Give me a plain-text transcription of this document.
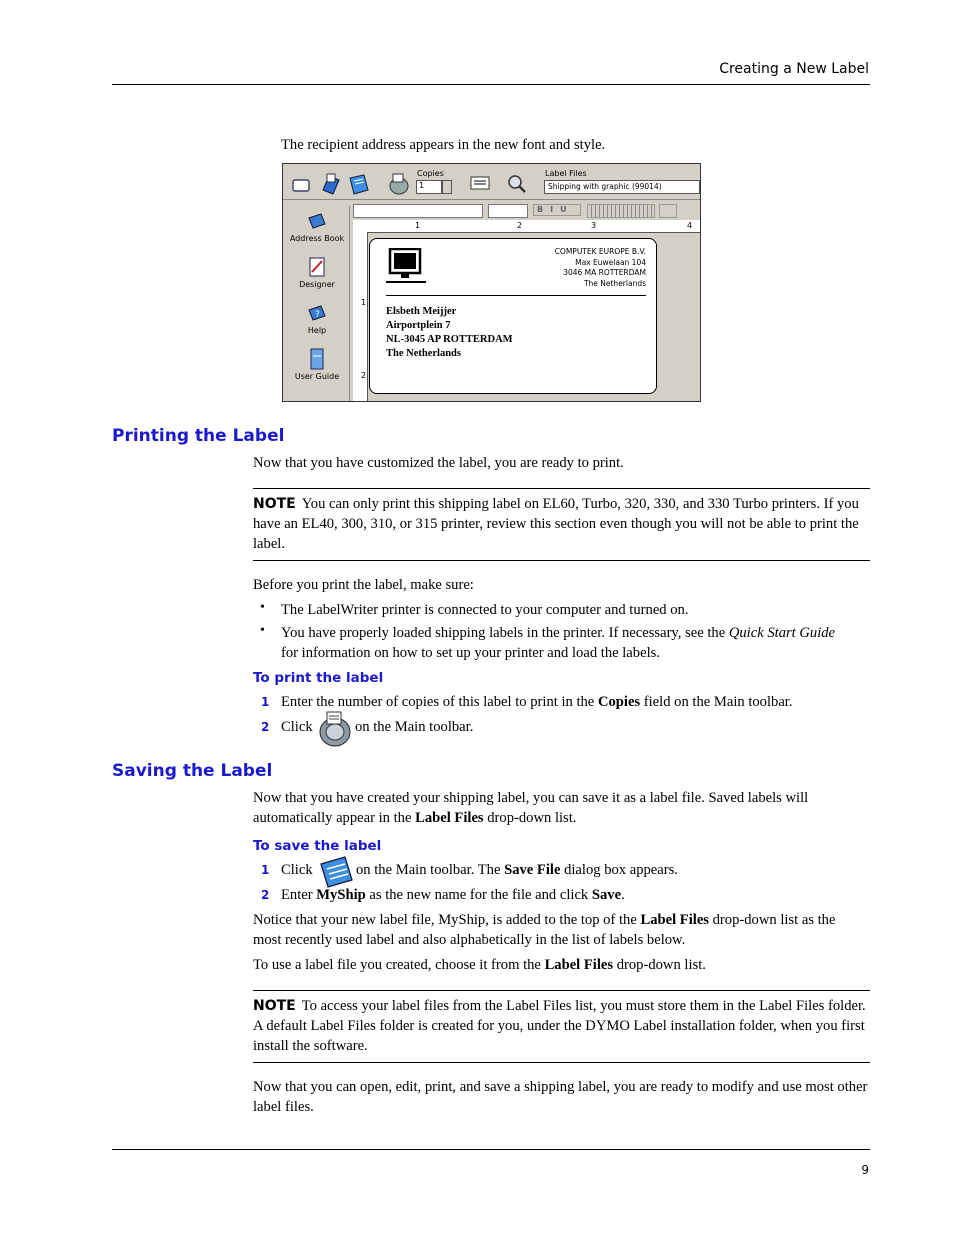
Creating a New Label
The recipient address appears in the new font and style.
Copies
1
Label Files
Shipping with graphic (99014)
BIU
1	2	3	4
1
2
Address Book
Designer
?
Help
User Guide
COMPUTEK EUROPE B.V.
Max Euwelaan 104
3046 MA ROTTERDAM
The Netherlands
Elsbeth Meijjer
Airportplein 7
NL-3045 AP ROTTERDAM
The Netherlands
Printing the Label
Now that you have customized the label, you are ready to print.
NOTE You can only print this shipping label on EL60, Turbo, 320, 330, and 330 Turbo printers. If you have an EL40, 300, 310, or 315 printer, review this section even though you will not be able to print the label.
Before you print the label, make sure:
• The LabelWriter printer is connected to your computer and turned on.
• You have properly loaded shipping labels in the printer. If necessary, see the Quick Start Guide
for information on how to set up your printer and load the labels.
To print the label
1 Enter the number of copies of this label to print in the Copies field on the Main toolbar.
2 Click	on the Main toolbar.
Saving the Label
Now that you have created your shipping label, you can save it as a label file. Saved labels will
automatically appear in the Label Files drop-down list.
To save the label
1 Click	on the Main toolbar. The Save File dialog box appears.
2 Enter MyShip as the new name for the file and click Save.
Notice that your new label file, MyShip, is added to the top of the Label Files drop-down list as the
most recently used label and also alphabetically in the list of labels below.
To use a label file you created, choose it from the Label Files drop-down list.
NOTE To access your label files from the Label Files list, you must store them in the Label Files folder. A default Label Files folder is created for you, under the DYMO Label installation folder, when you first install the software.
Now that you can open, edit, print, and save a shipping label, you are ready to modify and use most other label files.
9
